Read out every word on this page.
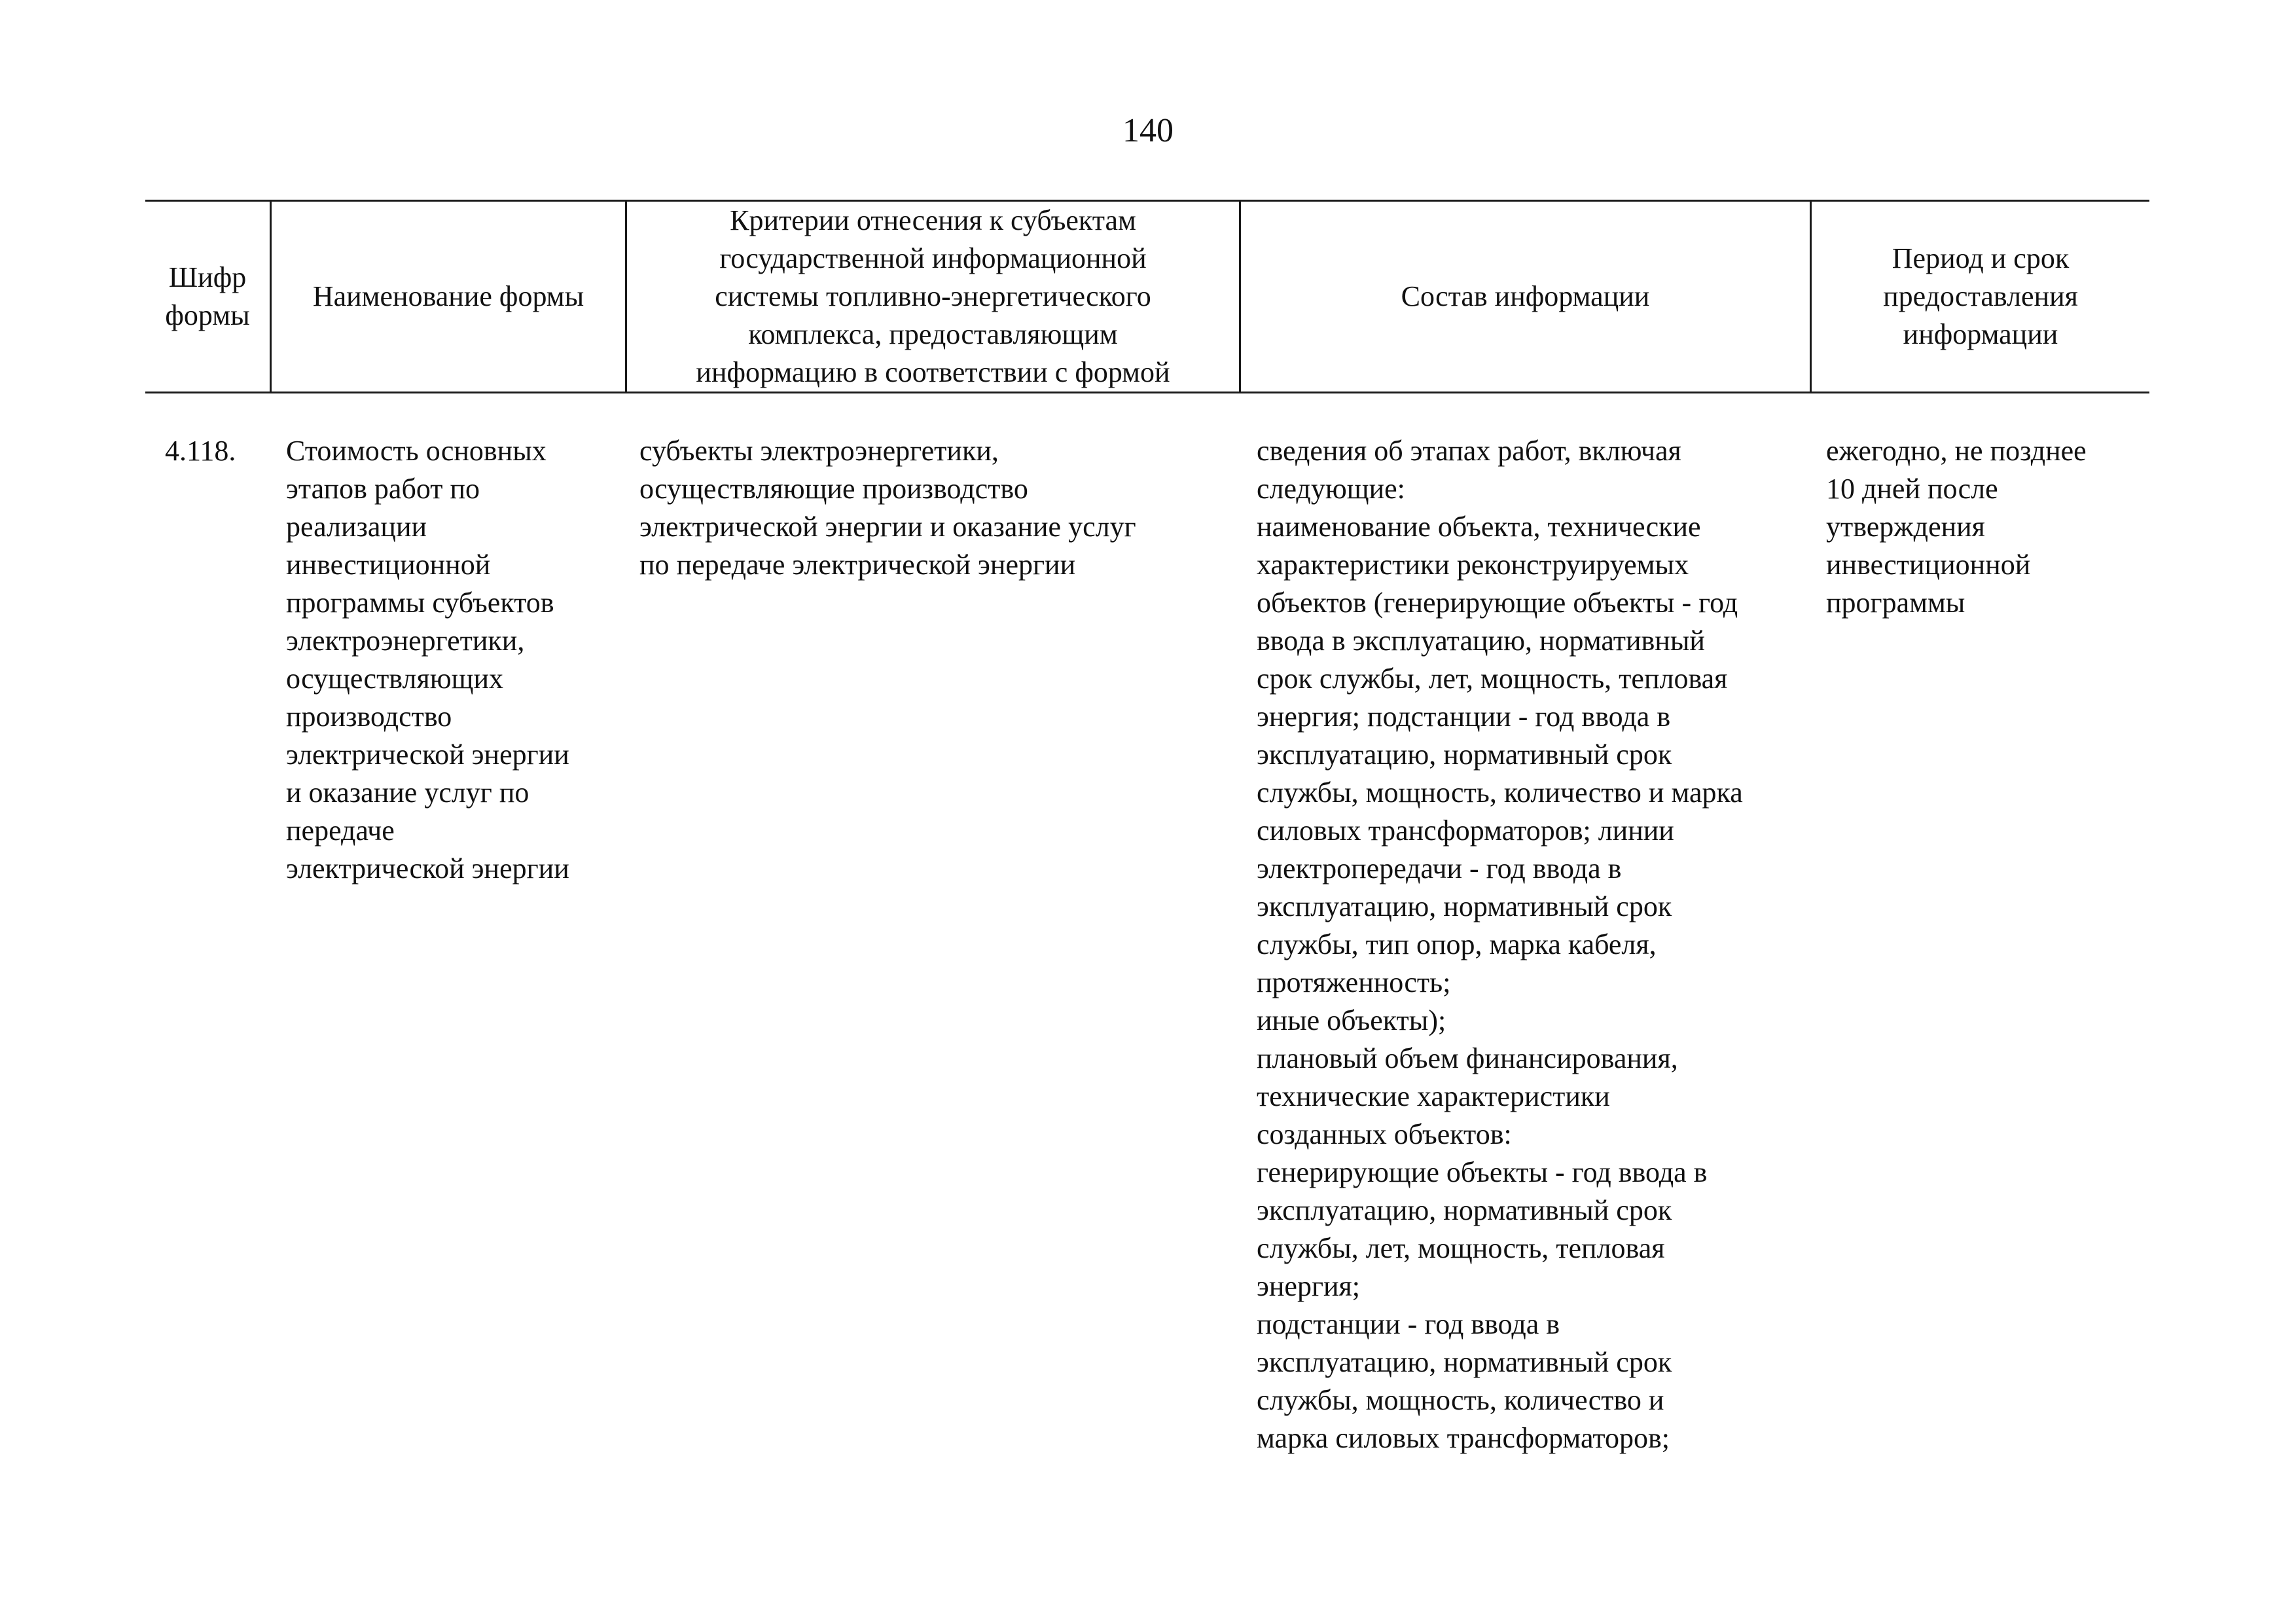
140
Шифр
формы
Наименование формы
Критерии отнесения к субъектам
государственной информационной
системы топливно-энергетического
комплекса, предоставляющим
информацию в соответствии с формой
Состав информации
Период и срок
предоставления
информации
4.118.	Стоимость основных
этапов работ по
реализации
инвестиционной
программы субъектов
электроэнергетики,
осуществляющих
производство
электрической энергии
и оказание услуг по
передаче
электрической энергии
субъекты электроэнергетики,
осуществляющие производство
электрической энергии и оказание услуг
по передаче электрической энергии
сведения об этапах работ, включая
следующие:
наименование объекта, технические
характеристики реконструируемых
объектов (генерирующие объекты - год
ввода в эксплуатацию, нормативный
срок службы, лет, мощность, тепловая
энергия; подстанции - год ввода в
эксплуатацию, нормативный срок
службы, мощность, количество и марка
силовых трансформаторов; линии
электропередачи - год ввода в
эксплуатацию, нормативный срок
службы, тип опор, марка кабеля,
протяженность;
иные объекты);
плановый объем финансирования,
технические характеристики
созданных объектов:
генерирующие объекты - год ввода в
эксплуатацию, нормативный срок
службы, лет, мощность, тепловая
энергия;
подстанции - год ввода в
эксплуатацию, нормативный срок
службы, мощность, количество и
марка силовых трансформаторов;
ежегодно, не позднее
10 дней после
утверждения
инвестиционной
программы
